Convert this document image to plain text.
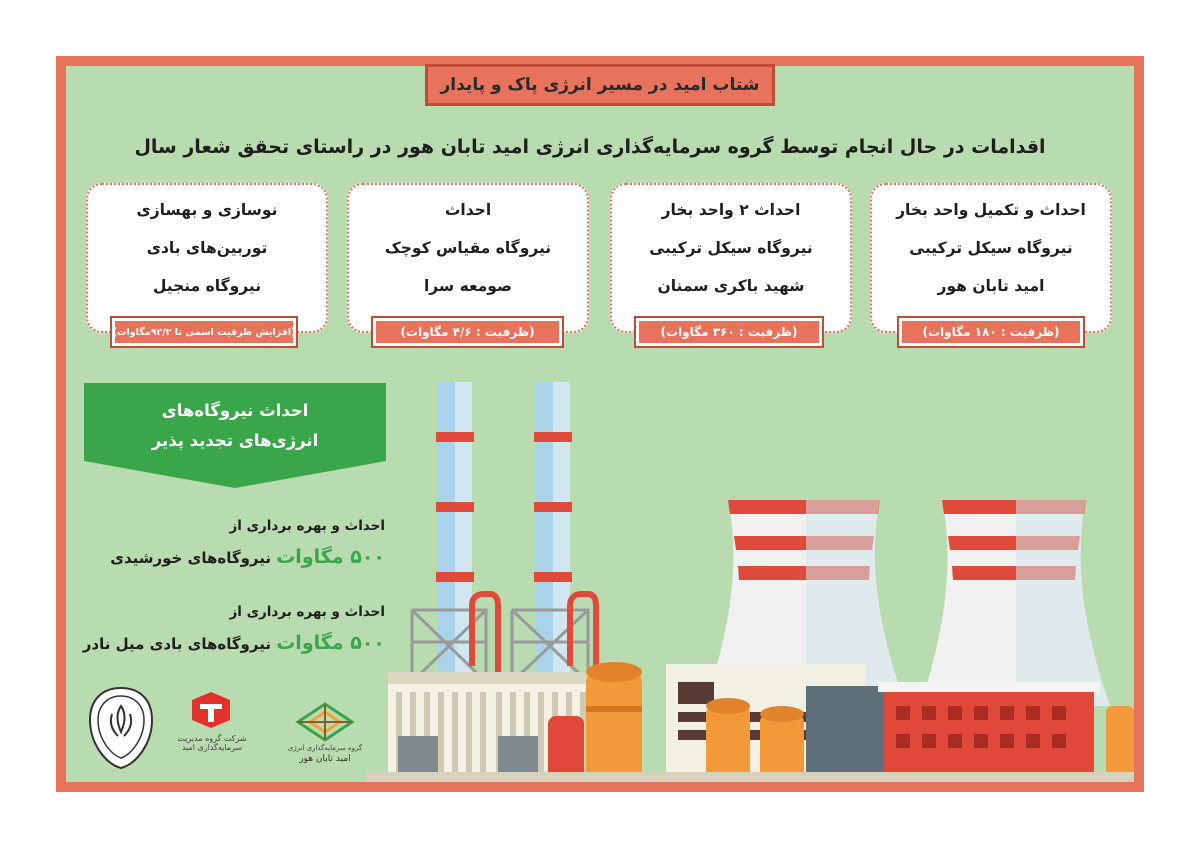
شتاب امید در مسیر انرژی پاک و پایدار
اقدامات در حال انجام توسط گروه سرمایه‌گذاری انرژی امید تابان هور در راستای تحقق شعار سال
احداث و تکمیل واحد بخار
نیروگاه سیکل ترکیبی
امید تابان هور
(ظرفیت : ۱۸۰ مگاوات)
احداث ۲ واحد بخار
نیروگاه سیکل ترکیبی
شهید باکری سمنان
(ظرفیت : ۳۶۰ مگاوات)
احداث
نیروگاه مقیاس کوچک
صومعه سرا
(ظرفیت : ۴/۶ مگاوات)
نوسازی و بهسازی
توربین‌های بادی
نیروگاه منجیل
(افزایش ظرفیت اسمی تا ۹۲/۲مگاوات)
احداث نیروگاه‌های
انرژی‌های تجدید پذیر
احداث و بهره برداری از
۵۰۰ مگاوات نیروگاه‌های خورشیدی
احداث و بهره برداری از
۵۰۰ مگاوات نیروگاه‌های بادی میل نادر
شرکت گروه مدیریت سرمایه‌گذاری امید	گروه سرمایه‌گذاری انرژی
امید تابان هور
